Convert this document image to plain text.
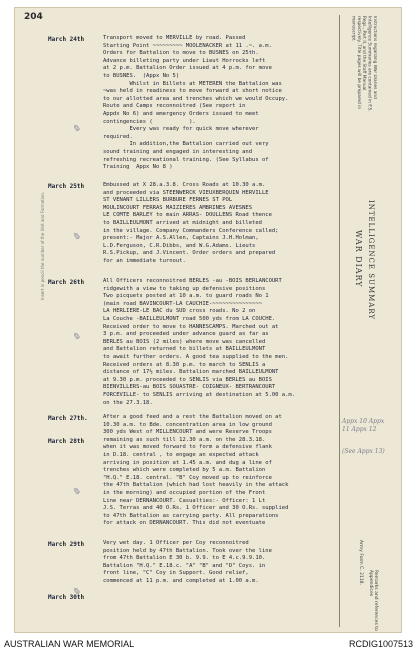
204
Insert in pencil the number of the Unit and Formation.
Instructions regarding War Diaries and Intelligence Summaries are contained in F.S. Regs., Part II, and the Staff Manual respectively. Title pages will be prepared in manuscript.
WAR DIARY INTELLIGENCE SUMMARY
Army Form C. 2118.
Remarks and references to Appendices
Appx 10 Appx 11 Appx 12
(See Appx 13)
March 24th
✎
Transport moved to MERVILLE by road. Passed
Starting Point ~~~~~~~~~ MOOLENACKER at 11 .~. a.m.
Orders for Battalion to move to BUSNES on 25th.
Advance billeting party under Lieut Horrocks left
at 2 p.m. Battalion Order issued at 4 p.m. for move
to BUSNES.  (Appx No 5)
Whilst in Billets at METEREN the Battalion was
~was held in readiness to move forward at short notice
to our allotted area and trenches which we would Occupy.
Route and Camps reconnoitred (See report in
Appdx No 6) and emergency Orders issued to meet
contingencies (           ).
Every was ready for quick move wherever
required.
In addition,the Battalion carried out very
sound training and engaged in interesting and
refreshing recreational training. (See Syllabus of
Training  Appx No 8 )
March 25th
✎
Embussed at X 28.a.3.8. Cross Roads at 10.30 a.m.
and proceeded via STEENWERCK VIEUXBERQUIN HERVILLE
ST VENANT LILLERS BURBURE FERNES ST POL
MOULINCOURT FERRAS MAIZIERES AMBRINES AVESNES
LE COMTE BARLEY to main ARRAS- DOULLENS Road thence
to BAILLEULMONT arrived at midnight and billeted
in the village. Company Commanders Conference called;
present:- Major A.S.Allen, Captains J.H.Holman,
L.D.Ferguson, C.R.Dibbs, and W.G.Adams. Lieuts
R.S.Pickup, and J.Vincent. Order orders and prepared
for an immediate turnout.
March 26th
✎
All Officers reconnoitred BERLES -au -BOIS BERLANCOURT
ridgewith a view to taking up defensive positions
Two picquets posted at 10 a.m. to guard roads No 1
(main road BAVINCOURT-LA CAUCHIE-~~~~~~~~~~~~~~~
LA HERLIERE-LE BAC du SUD cross roads. No 2 on
La Couche -BAILLEULMONT road 500 yds from LA COUCHE.
Received order to move to HANNESCAMPS. Marched out at
3 p.m. and proceeded under advance guard as far as
BERLES au BOIS (2 miles) where move was cancelled
and Battalion returned to billets at BAILLEULMONT
to await further orders. A good tea supplied to the men.
Received orders at 8.30 p.m. to march to SENLIS a
distance of 17½ miles. Battalion marched BAILLEULMONT
at 9.30 p.m. proceeded to SENLIS via BERLES au BOIS
BIENVILLERS-au BOIS SOUASTRE- COIGNEUX- BERTRANCOURT
FORCEVILLE- to SENLIS arriving at destination at 5.00 a.m.
on the 27.3.18.
March 27th.
✎
After a good feed and a rest the Battalion moved on at
10.30 a.m. to Bde. concentration area in low ground
300 yds West of MILLENCOURT and were Reserve Troops
remaining as such till 12.30 a.m. on the 28.3.18.
when it was moved forward to form a defensive flank
in D.18. central , to engage an expected attack
arriving in position at 1.45 a.m. and dug a line of
trenches which were completed by 5 a.m. Battalion
"H.Q." E.18. central. "B" Coy moved up to reinforce
the 47th Battalion (which had lost heavily in the attack
in the morning) and occupied portion of the Front
Line near DERNANCOURT. Casualties:- Officer: 1 Lt
J.S. Terras and 40 O.Rs. 1 Officer and 30 O.Rs. supplied
to 47th Battalion as carrying party. All preparations
for attack on DERNANCOURT. This did not eventuate
March 28th
March 29th
✎
Very wet day. 1 Officer per Coy reconnoitred
position held by 47th Battalion. Took over the line
from 47th Battalion E 30 b. 9.9. to E 4.c.9.9.10.
Battalion "H.Q." E.18.c. "A" "B" and "D" Coys. in
front line, "C" Coy in Support. Good relief,
commenced at 11 p.m. and completed at 1.00 a.m.
March 30th
AUSTRALIAN WAR MEMORIAL	RCDIG1007513
